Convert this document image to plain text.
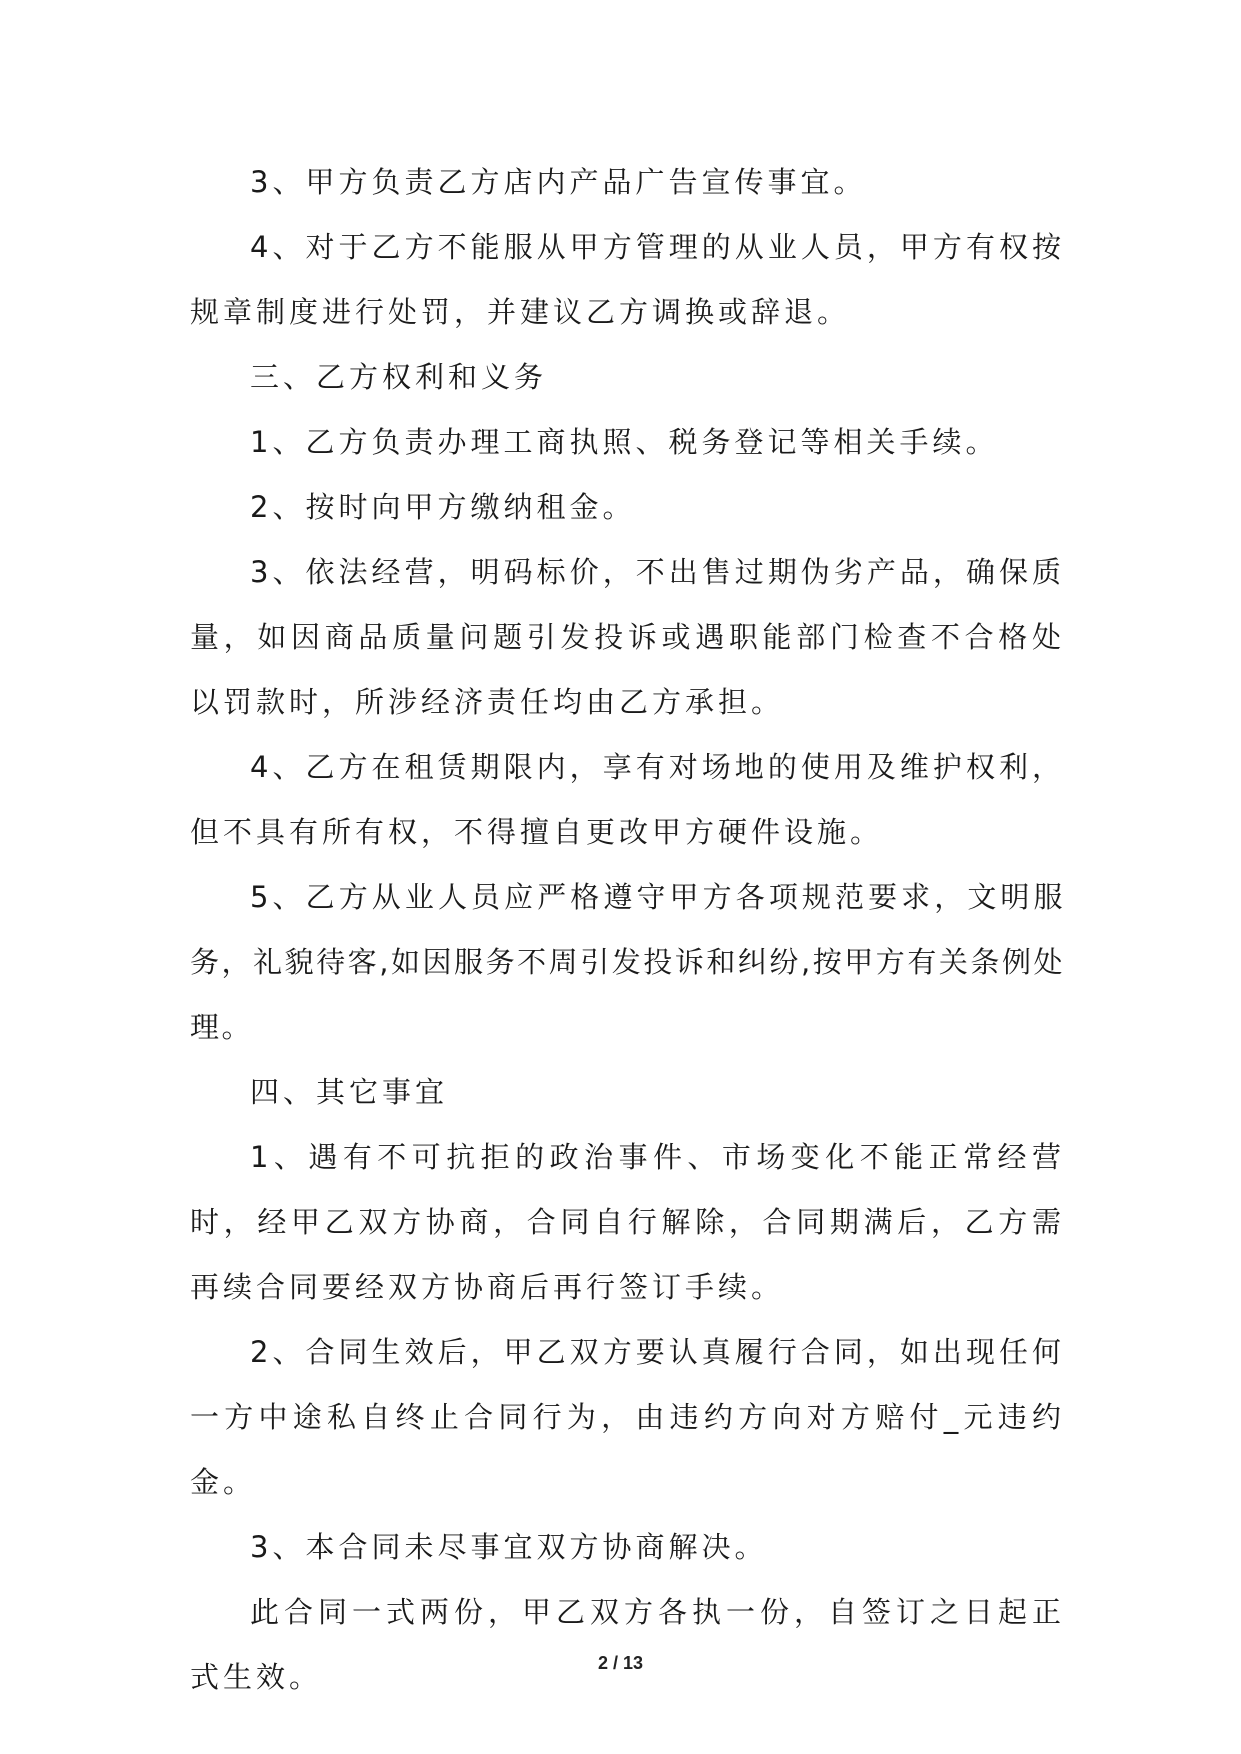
3、甲方负责乙方店内产品广告宣传事宜。

4、对于乙方不能服从甲方管理的从业人员，甲方有权按规章制度进行处罚，并建议乙方调换或辞退。

三、乙方权利和义务

1、乙方负责办理工商执照、税务登记等相关手续。

2、按时向甲方缴纳租金。

3、依法经营，明码标价，不出售过期伪劣产品，确保质量，如因商品质量问题引发投诉或遇职能部门检查不合格处以罚款时，所涉经济责任均由乙方承担。

4、乙方在租赁期限内，享有对场地的使用及维护权利，但不具有所有权，不得擅自更改甲方硬件设施。

5、乙方从业人员应严格遵守甲方各项规范要求，文明服务，礼貌待客,如因服务不周引发投诉和纠纷,按甲方有关条例处理。

四、其它事宜

1、遇有不可抗拒的政治事件、市场变化不能正常经营时，经甲乙双方协商，合同自行解除，合同期满后，乙方需再续合同要经双方协商后再行签订手续。

2、合同生效后，甲乙双方要认真履行合同，如出现任何一方中途私自终止合同行为，由违约方向对方赔付_元违约金。

3、本合同未尽事宜双方协商解决。

此合同一式两份，甲乙双方各执一份，自签订之日起正式生效。	2 / 13
